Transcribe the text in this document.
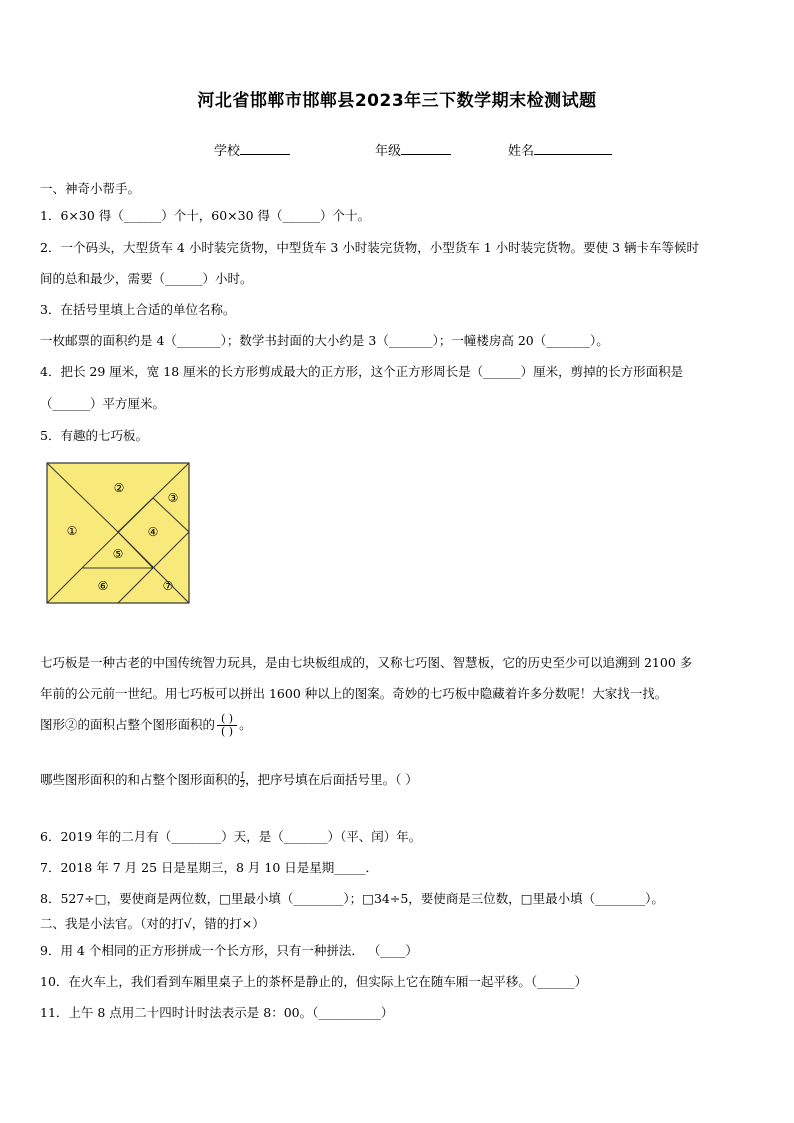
河北省邯郸市邯郸县2023年三下数学期末检测试题
学校	年级	姓名
一、神奇小帮手。
1．6×30 得（______）个十，60×30 得（______）个十。
2．一个码头，大型货车 4 小时装完货物，中型货车 3 小时装完货物，小型货车 1 小时装完货物。要使 3 辆卡车等候时
间的总和最少，需要（______）小时。
3．在括号里填上合适的单位名称。
一枚邮票的面积约是 4（_______）；数学书封面的大小约是 3（_______）；一幢楼房高 20（_______）。
4．把长 29 厘米，宽 18 厘米的长方形剪成最大的正方形，这个正方形周长是（______）厘米，剪掉的长方形面积是
（______）平方厘米。
5．有趣的七巧板。
②
③
①	④
⑤
⑥	⑦
七巧板是一种古老的中国传统智力玩具，是由七块板组成的，又称七巧图、智慧板，它的历史至少可以追溯到 2100 多
年前的公元前一世纪。用七巧板可以拼出 1600 种以上的图案。奇妙的七巧板中隐藏着许多分数呢！大家找一找。
图形②的面积占整个图形面积的 $\frac{( )}{( )}$ 。
哪些图形面积的和占整个图形面积的 $\frac{1}{2}$，把序号填在后面括号里。（ ）
6．2019 年的二月有（________）天，是（_______）（平、闰）年。
7．2018 年 7 月 25 日是星期三，8 月 10 日是星期_____．
8．527÷□，要使商是两位数，□里最小填（________）；□34÷5，要使商是三位数，□里最小填（________）。
二、我是小法官。（对的打√，错的打×）
9．用 4 个相同的正方形拼成一个长方形，只有一种拼法． （____）
10．在火车上，我们看到车厢里桌子上的茶杯是静止的，但实际上它在随车厢一起平移。（______）
11．上午 8 点用二十四时计时法表示是 8：00。（__________）
